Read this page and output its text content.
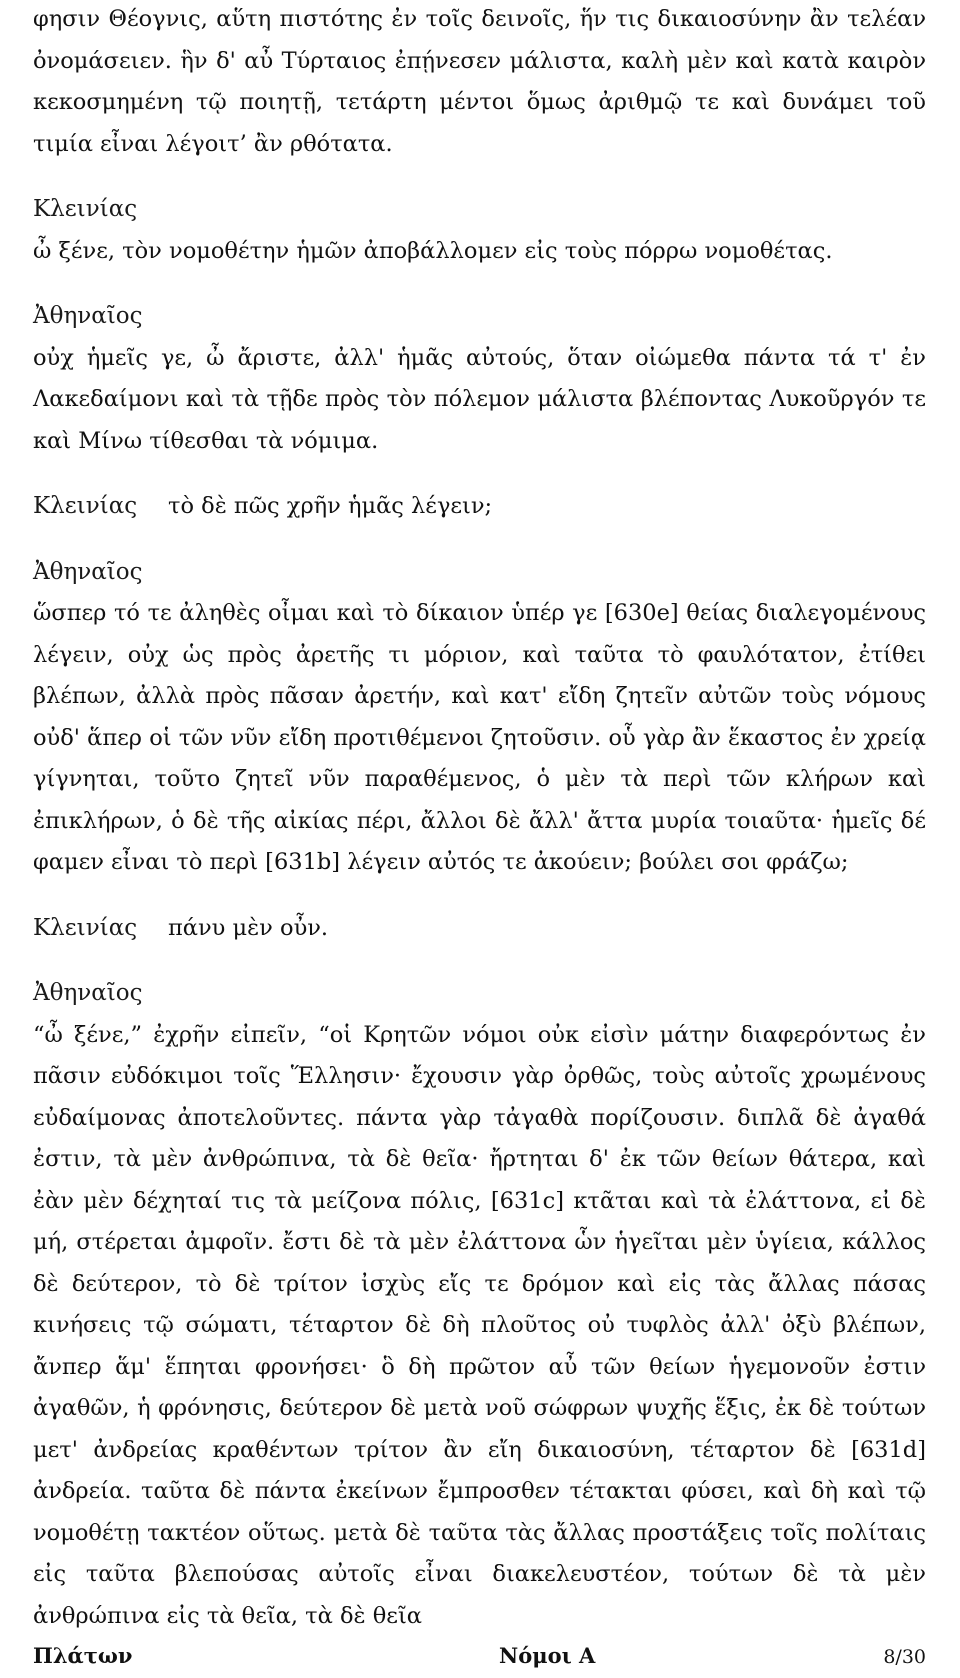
φησιν Θέογνις, αὕτη πιστότης ἐν τοῖς δεινοῖς, ἥν τις δικαιοσύνην ἂν τελέαν ὀνομάσειεν. ἣν δ' αὖ Τύρταιος ἐπῄνεσεν μάλιστα, καλὴ μὲν καὶ κατὰ καιρὸν κεκοσμημένη τῷ ποιητῇ, τετάρτη μέντοι ὅμως ἀριθμῷ τε καὶ δυνάμει τοῦ τιμία εἶναι λέγοιτ’ ἂν ρθότατα.

Κλεινίας

ὦ ξένε, τὸν νομοθέτην ἡμῶν ἀποβάλλομεν εἰς τοὺς πόρρω νομοθέτας.

Ἀθηναῖος

οὐχ ἡμεῖς γε, ὦ ἄριστε, ἀλλ' ἡμᾶς αὐτούς, ὅταν οἰώμεθα πάντα τά τ' ἐν Λακεδαίμονι καὶ τὰ τῇδε πρὸς τὸν πόλεμον μάλιστα βλέποντας Λυκοῦργόν τε καὶ Μίνω τίθεσθαι τὰ νόμιμα.

Κλεινίας	τὸ δὲ πῶς χρῆν ἡμᾶς λέγειν;

Ἀθηναῖος

ὥσπερ τό τε ἀληθὲς οἶμαι καὶ τὸ δίκαιον ὑπέρ γε [630e] θείας διαλεγομένους λέγειν, οὐχ ὡς πρὸς ἀρετῆς τι μόριον, καὶ ταῦτα τὸ φαυλότατον, ἐτίθει βλέπων, ἀλλὰ πρὸς πᾶσαν ἀρετήν, καὶ κατ' εἴδη ζητεῖν αὐτῶν τοὺς νόμους οὐδ' ἅπερ οἱ τῶν νῦν εἴδη προτιθέμενοι ζητοῦσιν. οὗ γὰρ ἂν ἕκαστος ἐν χρείᾳ γίγνηται, τοῦτο ζητεῖ νῦν παραθέμενος, ὁ μὲν τὰ περὶ τῶν κλήρων καὶ ἐπικλήρων, ὁ δὲ τῆς αἰκίας πέρι, ἄλλοι δὲ ἄλλ' ἄττα μυρία τοιαῦτα· ἡμεῖς δέ φαμεν εἶναι τὸ περὶ [631b] λέγειν αὐτός τε ἀκούειν; βούλει σοι φράζω;

Κλεινίας	πάνυ μὲν οὖν.

Ἀθηναῖος

“ὦ ξένε,” ἐχρῆν εἰπεῖν, “οἱ Κρητῶν νόμοι οὐκ εἰσὶν μάτην διαφερόντως ἐν πᾶσιν εὐδόκιμοι τοῖς Ἕλλησιν· ἔχουσιν γὰρ ὀρθῶς, τοὺς αὐτοῖς χρωμένους εὐδαίμονας ἀποτελοῦντες. πάντα γὰρ τἀγαθὰ πορίζουσιν. διπλᾶ δὲ ἀγαθά ἐστιν, τὰ μὲν ἀνθρώπινα, τὰ δὲ θεῖα· ἤρτηται δ' ἐκ τῶν θείων θάτερα, καὶ ἐὰν μὲν δέχηταί τις τὰ μείζονα πόλις, [631c] κτᾶται καὶ τὰ ἐλάττονα, εἰ δὲ μή, στέρεται ἀμφοῖν. ἔστι δὲ τὰ μὲν ἐλάττονα ὧν ἡγεῖται μὲν ὑγίεια, κάλλος δὲ δεύτερον, τὸ δὲ τρίτον ἰσχὺς εἴς τε δρόμον καὶ εἰς τὰς ἄλλας πάσας κινήσεις τῷ σώματι, τέταρτον δὲ δὴ πλοῦτος οὐ τυφλὸς ἀλλ' ὀξὺ βλέπων, ἄνπερ ἅμ' ἕπηται φρονήσει· ὃ δὴ πρῶτον αὖ τῶν θείων ἡγεμονοῦν ἐστιν ἀγαθῶν, ἡ φρόνησις, δεύτερον δὲ μετὰ νοῦ σώφρων ψυχῆς ἕξις, ἐκ δὲ τούτων μετ' ἀνδρείας κραθέντων τρίτον ἂν εἴη δικαιοσύνη, τέταρτον δὲ [631d] ἀνδρεία. ταῦτα δὲ πάντα ἐκείνων ἔμπροσθεν τέτακται φύσει, καὶ δὴ καὶ τῷ νομοθέτῃ τακτέον οὕτως. μετὰ δὲ ταῦτα τὰς ἄλλας προστάξεις τοῖς πολίταις εἰς ταῦτα βλεπούσας αὐτοῖς εἶναι διακελευστέον, τούτων δὲ τὰ μὲν ἀνθρώπινα εἰς τὰ θεῖα, τὰ δὲ θεῖα

Πλάτων	Νόμοι Α	8/30
